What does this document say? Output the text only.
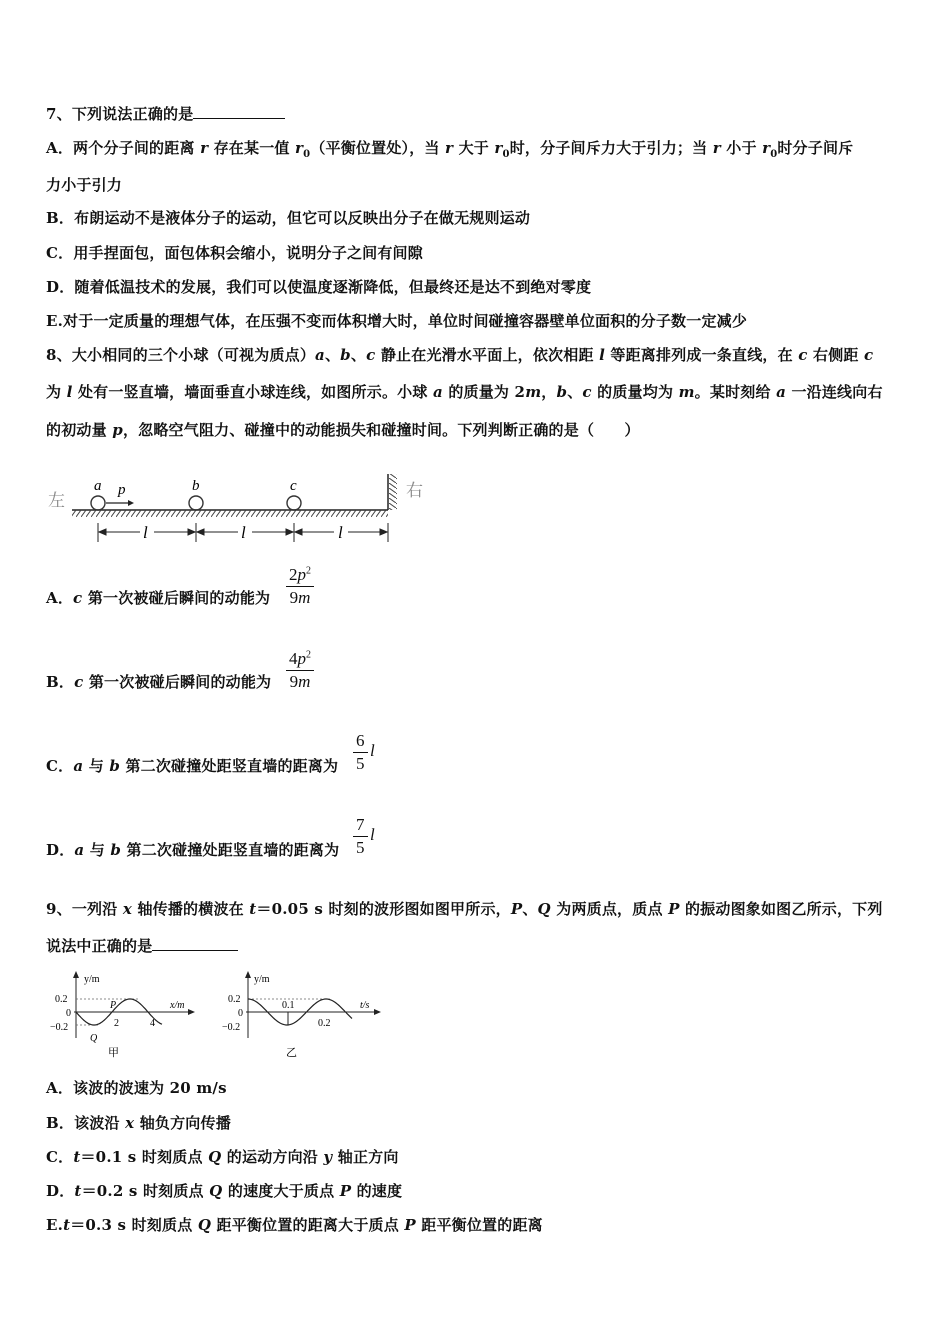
7、下列说法正确的是
A．两个分子间的距离 r 存在某一值 $r_0$（平衡位置处），当 r 大于 $r_0$时，分子间斥力大于引力；当 r 小于 $r_0$时分子间斥
力小于引力
B．布朗运动不是液体分子的运动，但它可以反映出分子在做无规则运动
C．用手捏面包，面包体积会缩小，说明分子之间有间隙
D．随着低温技术的发展，我们可以使温度逐渐降低，但最终还是达不到绝对零度
E.对于一定质量的理想气体，在压强不变而体积增大时，单位时间碰撞容器壁单位面积的分子数一定减少
8、大小相同的三个小球（可视为质点）a、b、c 静止在光滑水平面上，依次相距 l 等距离排列成一条直线，在 c 右侧距 c
为 l 处有一竖直墙，墙面垂直小球连线，如图所示。小球 a 的质量为 2m，b、c 的质量均为 m。某时刻给 a 一沿连线向右
的初动量 p，忽略空气阻力、碰撞中的动能损失和碰撞时间。下列判断正确的是（　　）
左
右
a	b	c
p
l	l	l
A．c 第一次被碰后瞬间的动能为 $\frac{2p^2}{9m}$
B．c 第一次被碰后瞬间的动能为 $\frac{4p^2}{9m}$
C．a 与 b 第二次碰撞处距竖直墙的距离为 $\frac{6}{5}$ l
D．a 与 b 第二次碰撞处距竖直墙的距离为 $\frac{7}{5}$ l
9、一列沿 x 轴传播的横波在 t＝0.05 s 时刻的波形图如图甲所示，P、Q 为两质点，质点 P 的振动图象如图乙所示，下列
说法中正确的是
y/m
x/m
0.2
0
−0.2	2	4
P
Q
甲
y/m
t/s
0.2
0
−0.2
0.1
0.2
乙
A．该波的波速为 20 m/s
B．该波沿 x 轴负方向传播
C．t＝0.1 s 时刻质点 Q 的运动方向沿 y 轴正方向
D．t＝0.2 s 时刻质点 Q 的速度大于质点 P 的速度
E.t＝0.3 s 时刻质点 Q 距平衡位置的距离大于质点 P 距平衡位置的距离
